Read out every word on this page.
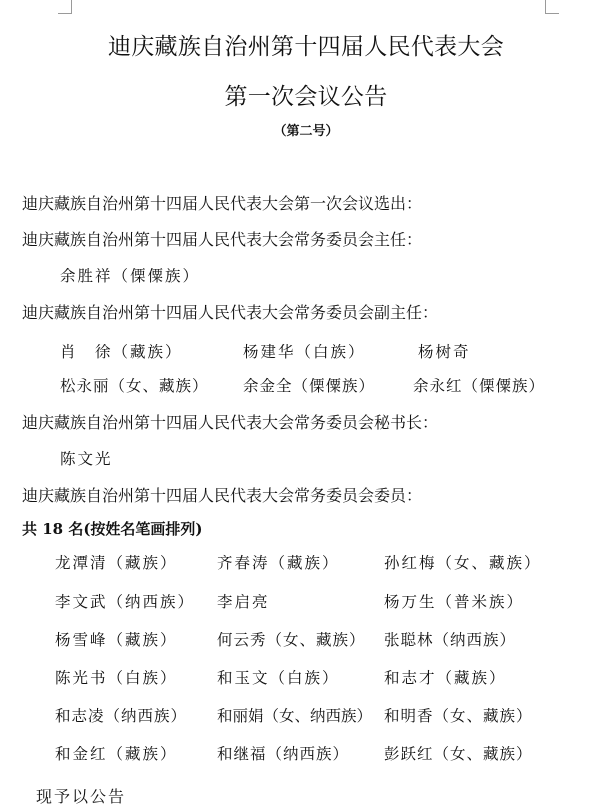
迪庆藏族自治州第十四届人民代表大会
第一次会议公告
（第二号）

迪庆藏族自治州第十四届人民代表大会第一次会议选出：

迪庆藏族自治州第十四届人民代表大会常务委员会主任：

余胜祥（傈僳族）

迪庆藏族自治州第十四届人民代表大会常务委员会副主任：

肖　徐（藏族）	杨建华（白族）	杨树奇
松永丽（女、藏族） 余金全（傈僳族） 余永红（傈僳族）

迪庆藏族自治州第十四届人民代表大会常务委员会秘书长：

陈文光

迪庆藏族自治州第十四届人民代表大会常务委员会委员：

共 18 名(按姓名笔画排列)

龙潭清（藏族）	齐春涛（藏族）	孙红梅（女、藏族）
李文武（纳西族） 李启亮	杨万生（普米族）
杨雪峰（藏族）	何云秀（女、藏族） 张聪林（纳西族）
陈光书（白族）	和玉文（白族）	和志才（藏族）
和志凌（纳西族） 和丽娟（女、纳西族） 和明香（女、藏族）
和金红（藏族）	和继福（纳西族） 彭跃红（女、藏族）

现予以公告
